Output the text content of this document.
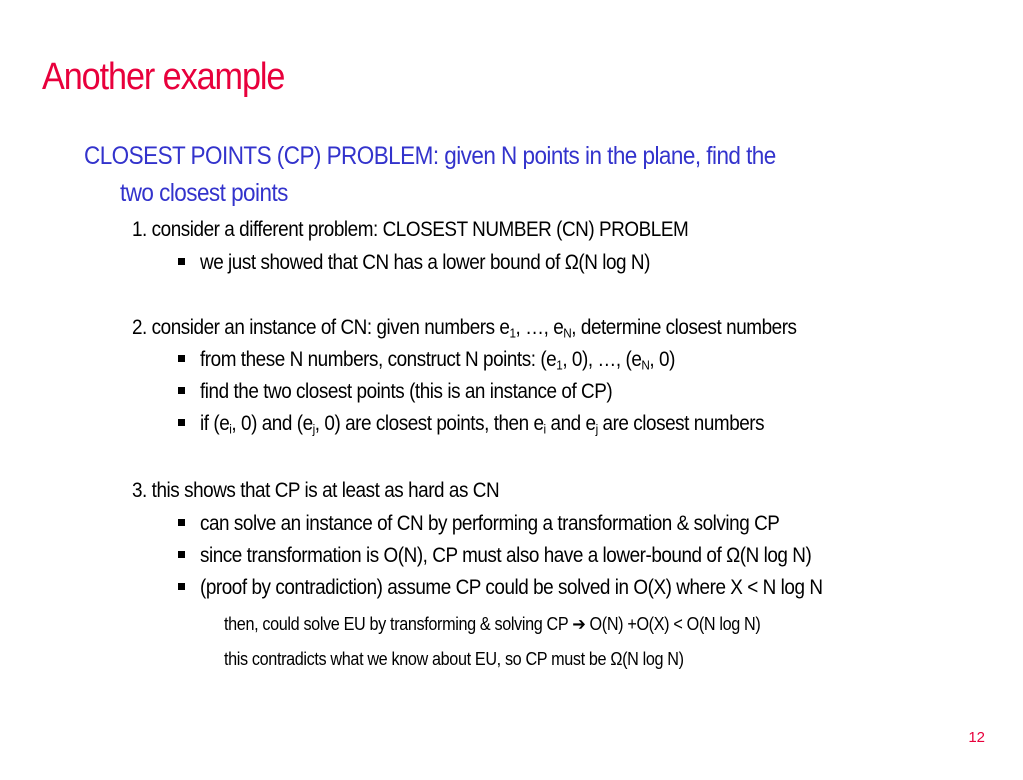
Another example
CLOSEST POINTS (CP) PROBLEM: given N points in the plane, find the
two closest points
1. consider a different problem: CLOSEST NUMBER (CN) PROBLEM
we just showed that CN has a lower bound of Ω(N log N)
2. consider an instance of CN: given numbers $e_1$, …, $e_N$, determine closest numbers
from these N numbers, construct N points: ($e_1$, 0), …, ($e_N$, 0)
find the two closest points (this is an instance of CP)
if ($e_i$, 0) and ($e_j$, 0) are closest points, then $e_i$ and $e_j$ are closest numbers
3. this shows that CP is at least as hard as CN
can solve an instance of CN by performing a transformation & solving CP
since transformation is O(N), CP must also have a lower-bound of Ω(N log N)
(proof by contradiction) assume CP could be solved in O(X) where X < N log N
then, could solve EU by transforming & solving CP ➔ O(N) +O(X) < O(N log N)
this contradicts what we know about EU, so CP must be Ω(N log N)
12
